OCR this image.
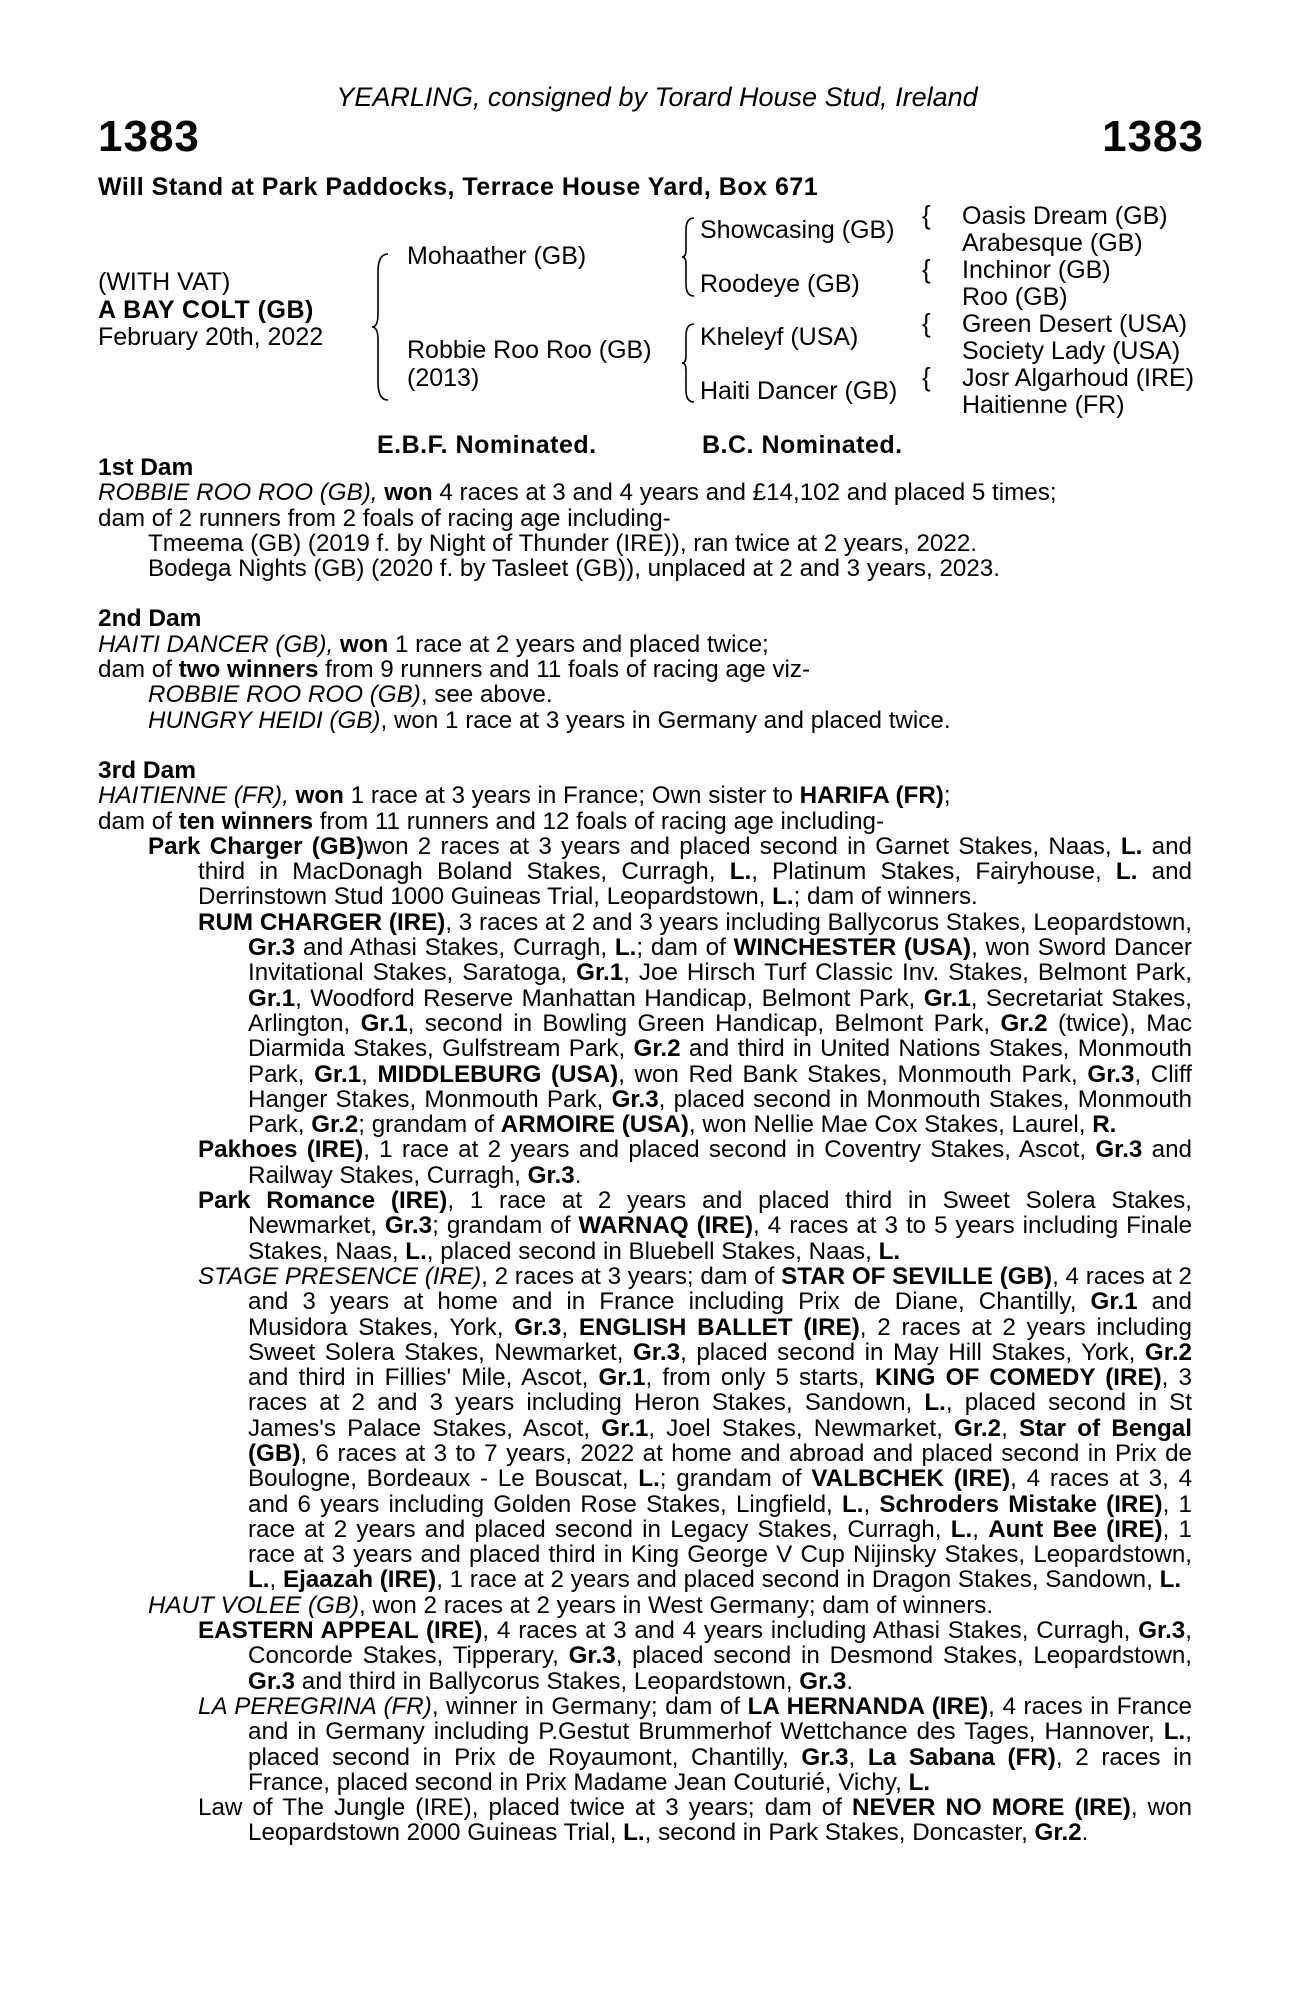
YEARLING, consigned by Torard House Stud, Ireland
1383	1383
Will Stand at Park Paddocks, Terrace House Yard, Box 671
(WITH VAT)
A BAY COLT (GB)
February 20th, 2022
Mohaather (GB)
Robbie Roo Roo (GB)
(2013)
Showcasing (GB)
Roodeye (GB)
Kheleyf (USA)
Haiti Dancer (GB)
{
{
{
{
Oasis Dream (GB)
Arabesque (GB)
Inchinor (GB)
Roo (GB)
Green Desert (USA)
Society Lady (USA)
Josr Algarhoud (IRE)
Haitienne (FR)
E.B.F. Nominated.	B.C. Nominated.

1st Dam

ROBBIE ROO ROO (GB), won 4 races at 3 and 4 years and £14,102 and placed 5 times;

dam of 2 runners from 2 foals of racing age including-

Tmeema (GB) (2019 f. by Night of Thunder (IRE)), ran twice at 2 years, 2022.

Bodega Nights (GB) (2020 f. by Tasleet (GB)), unplaced at 2 and 3 years, 2023.

2nd Dam

HAITI DANCER (GB), won 1 race at 2 years and placed twice;

dam of two winners from 9 runners and 11 foals of racing age viz-

ROBBIE ROO ROO (GB), see above.

HUNGRY HEIDI (GB), won 1 race at 3 years in Germany and placed twice.

3rd Dam

HAITIENNE (FR), won 1 race at 3 years in France; Own sister to HARIFA (FR);

dam of ten winners from 11 runners and 12 foals of racing age including-

Park Charger (GB)won 2 races at 3 years and placed second in Garnet Stakes, Naas, L. and third in MacDonagh Boland Stakes, Curragh, L., Platinum Stakes, Fairyhouse, L. and Derrinstown Stud 1000 Guineas Trial, Leopardstown, L.; dam of winners.

RUM CHARGER (IRE), 3 races at 2 and 3 years including Ballycorus Stakes, Leopardstown, Gr.3 and Athasi Stakes, Curragh, L.; dam of WINCHESTER (USA), won Sword Dancer Invitational Stakes, Saratoga, Gr.1, Joe Hirsch Turf Classic Inv. Stakes, Belmont Park, Gr.1, Woodford Reserve Manhattan Handicap, Belmont Park, Gr.1, Secretariat Stakes, Arlington, Gr.1, second in Bowling Green Handicap, Belmont Park, Gr.2 (twice), Mac Diarmida Stakes, Gulfstream Park, Gr.2 and third in United Nations Stakes, Monmouth Park, Gr.1, MIDDLEBURG (USA), won Red Bank Stakes, Monmouth Park, Gr.3, Cliff Hanger Stakes, Monmouth Park, Gr.3, placed second in Monmouth Stakes, Monmouth Park, Gr.2; grandam of ARMOIRE (USA), won Nellie Mae Cox Stakes, Laurel, R.

Pakhoes (IRE), 1 race at 2 years and placed second in Coventry Stakes, Ascot, Gr.3 and Railway Stakes, Curragh, Gr.3.

Park Romance (IRE), 1 race at 2 years and placed third in Sweet Solera Stakes, Newmarket, Gr.3; grandam of WARNAQ (IRE), 4 races at 3 to 5 years including Finale Stakes, Naas, L., placed second in Bluebell Stakes, Naas, L.

STAGE PRESENCE (IRE), 2 races at 3 years; dam of STAR OF SEVILLE (GB), 4 races at 2 and 3 years at home and in France including Prix de Diane, Chantilly, Gr.1 and Musidora Stakes, York, Gr.3, ENGLISH BALLET (IRE), 2 races at 2 years including Sweet Solera Stakes, Newmarket, Gr.3, placed second in May Hill Stakes, York, Gr.2 and third in Fillies' Mile, Ascot, Gr.1, from only 5 starts, KING OF COMEDY (IRE), 3 races at 2 and 3 years including Heron Stakes, Sandown, L., placed second in St James's Palace Stakes, Ascot, Gr.1, Joel Stakes, Newmarket, Gr.2, Star of Bengal (GB), 6 races at 3 to 7 years, 2022 at home and abroad and placed second in Prix de Boulogne, Bordeaux - Le Bouscat, L.; grandam of VALBCHEK (IRE), 4 races at 3, 4 and 6 years including Golden Rose Stakes, Lingfield, L., Schroders Mistake (IRE), 1 race at 2 years and placed second in Legacy Stakes, Curragh, L., Aunt Bee (IRE), 1 race at 3 years and placed third in King George V Cup Nijinsky Stakes, Leopardstown, L., Ejaazah (IRE), 1 race at 2 years and placed second in Dragon Stakes, Sandown, L.

HAUT VOLEE (GB), won 2 races at 2 years in West Germany; dam of winners.

EASTERN APPEAL (IRE), 4 races at 3 and 4 years including Athasi Stakes, Curragh, Gr.3, Concorde Stakes, Tipperary, Gr.3, placed second in Desmond Stakes, Leopardstown, Gr.3 and third in Ballycorus Stakes, Leopardstown, Gr.3.

LA PEREGRINA (FR), winner in Germany; dam of LA HERNANDA (IRE), 4 races in France and in Germany including P.Gestut Brummerhof Wettchance des Tages, Hannover, L., placed second in Prix de Royaumont, Chantilly, Gr.3, La Sabana (FR), 2 races in France, placed second in Prix Madame Jean Couturié, Vichy, L.

Law of The Jungle (IRE), placed twice at 3 years; dam of NEVER NO MORE (IRE), won Leopardstown 2000 Guineas Trial, L., second in Park Stakes, Doncaster, Gr.2.
